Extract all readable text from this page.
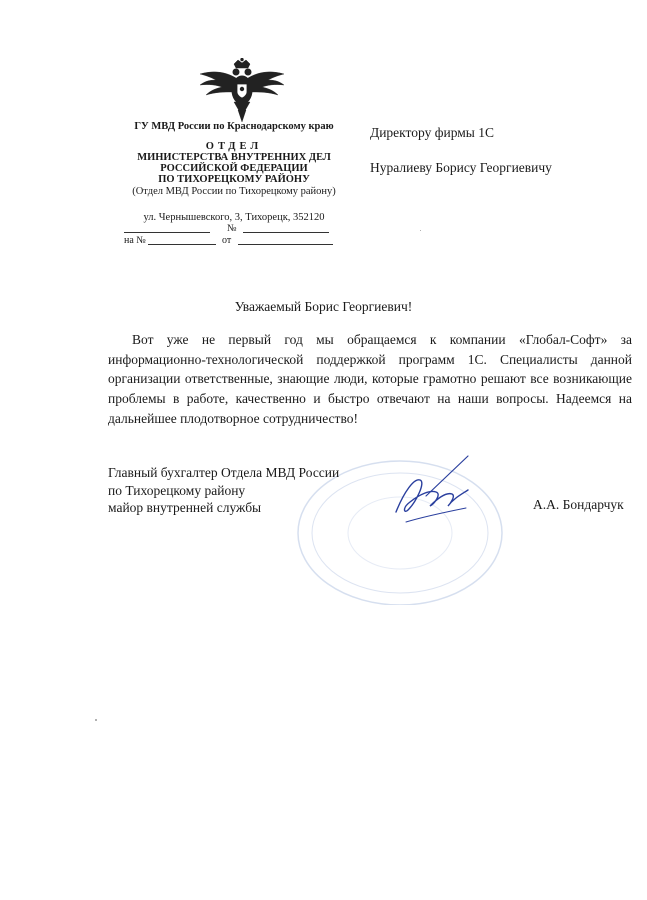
ГУ МВД России по Краснодарскому краю
ОТДЕЛ
МИНИСТЕРСТВА ВНУТРЕННИХ ДЕЛ
РОССИЙСКОЙ ФЕДЕРАЦИИ
ПО ТИХОРЕЦКОМУ РАЙОНУ
(Отдел МВД России по Тихорецкому району)
ул. Чернышевского, 3, Тихорецк, 352120
№
на №	от
Директору фирмы 1С
Нуралиеву Борису Георгиевичу
Уважаемый Борис Георгиевич!
Вот уже не первый год мы обращаемся к компании «Глобал-Софт» за информационно-технологической поддержкой программ 1С. Специалисты данной организации ответственные, знающие люди, которые грамотно решают все возникающие проблемы в работе, качественно и быстро отвечают на наши вопросы. Надеемся на дальнейшее плодотворное сотрудничество!
Главный бухгалтер Отдела МВД России
по Тихорецкому району
майор внутренней службы	А.А. Бондарчук
